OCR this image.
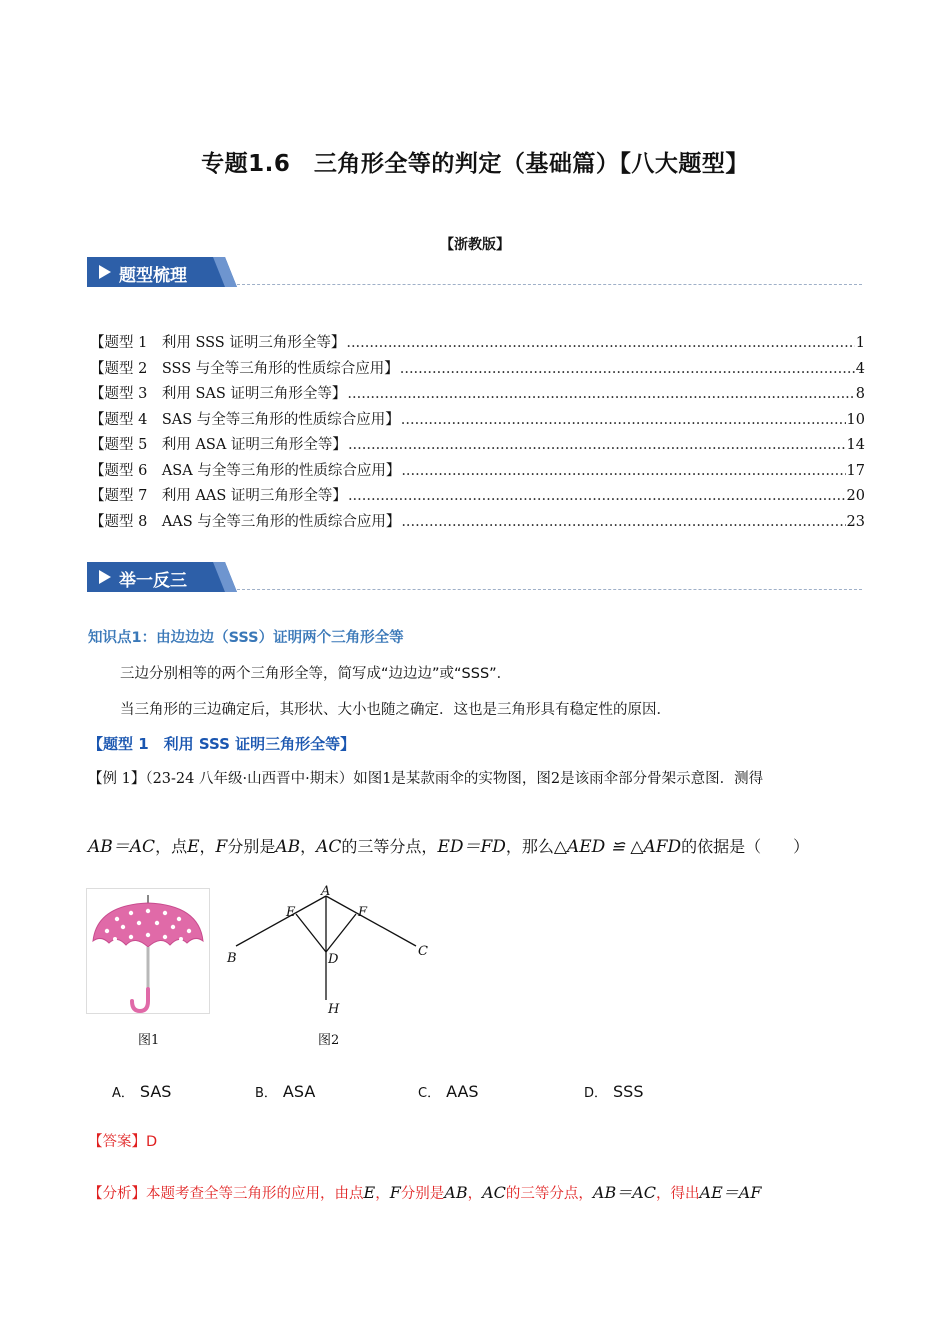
专题1.6　三角形全等的判定（基础篇）【八大题型】
【浙教版】
题型梳理
【题型 1　利用 SSS 证明三角形全等】 .....	1
【题型 2　SSS 与全等三角形的性质综合应用】 .....	4
【题型 3　利用 SAS 证明三角形全等】 .....	8
【题型 4　SAS 与全等三角形的性质综合应用】 .....	10
【题型 5　利用 ASA 证明三角形全等】 .....	14
【题型 6　ASA 与全等三角形的性质综合应用】 .....	17
【题型 7　利用 AAS 证明三角形全等】 .....	20
【题型 8　AAS 与全等三角形的性质综合应用】 .....	23
举一反三
知识点1：由边边边（SSS）证明两个三角形全等
三边分别相等的两个三角形全等，简写成“边边边”或“SSS”．
当三角形的三边确定后，其形状、大小也随之确定．这也是三角形具有稳定性的原因．
【题型 1　利用 SSS 证明三角形全等】
【例 1】（23-24 八年级·山西晋中·期末）如图1是某款雨伞的实物图，图2是该雨伞部分骨架示意图．测得
AB＝AC，点E，F分别是AB，AC的三等分点，ED＝FD，那么△AED ≌ △AFD的依据是（　　）
图1
A
B	C
D
E	F
H
图2
A． SAS	B． ASA	C． AAS	D． SSS
【答案】D
【分析】本题考查全等三角形的应用，由点E，F分别是AB，AC的三等分点，AB＝AC，得出AE＝AF
